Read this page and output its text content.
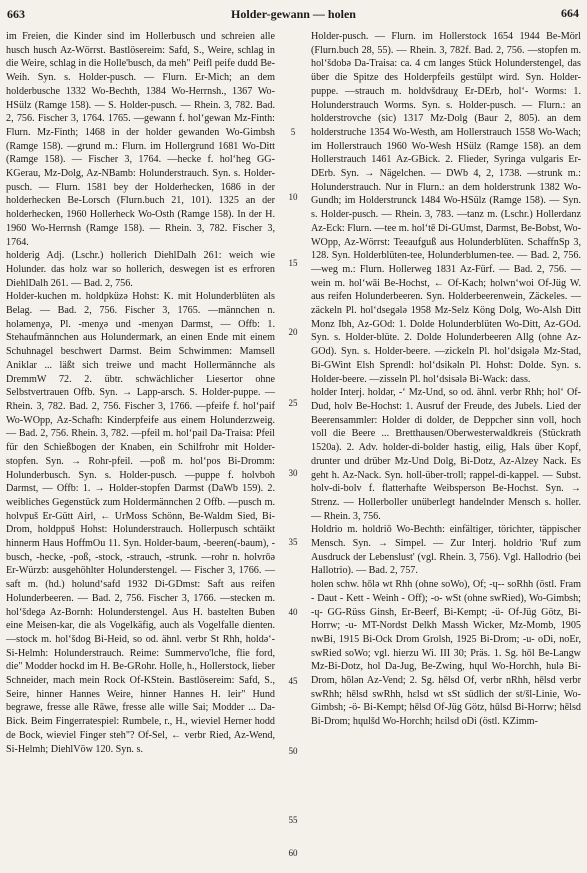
663	Holder-gewann — holen	664

im Freien, die Kinder sind im Hollerbusch und schreien alle husch husch Az-Wörrst. Bastlösereim: Safd, S., Weire, schlag in die Weire, schlag in die Holle'busch, da meh" Peifl peife dudd Be-Weih. Syn. s. Holder-pusch. — Flurn. Er-Mich; an dem holderbusche 1332 Wo-Bechth, 1384 Wo-Herrnsh., 1367 Wo-HSülz (Ramge 158). — S. Holder-pusch. — Rhein. 3, 782. Bad. 2, 756. Fischer 3, 1764. 1765. —gewann f. holʻgewan Mz-Finth: Flurn. Mz-Finth; 1468 in der holder gewanden Wo-Gimbsh (Ramge 158). —grund m.: Flurn. im Hollergrund 1681 Wo-Ditt (Ramge 158). — Fischer 3, 1764. —hecke f. holʻheg GG-KGerau, Mz-Dolg, Az-NBamb: Holunderstrauch. Syn. s. Holder-pusch. — Flurn. 1581 bey der Holderhecken, 1686 in der holderhecken Be-Lorsch (Flurn.buch 21, 101). 1325 an der holderhecken, 1960 Hollerheck Wo-Osth (Ramge 158). In der H. 1960 Wo-Herrnsh (Ramge 158). — Rhein. 3, 782. Fischer 3, 1764.

holderig Adj. (Lschr.) hollerich DiehlDalh 261: weich wie Holunder. das holz war so hollerich, deswegen ist es erfroren DiehlDalh 261. — Bad. 2, 756.

Holder-kuchen m. holdpküzə Hohst: K. mit Holunderblüten als Belag. — Bad. 2, 756. Fischer 3, 1765. —männchen n. holəmenχə, Pl. -menχə und -menχən Darmst, — Offb: 1. Stehaufmännchen aus Holundermark, an einen Ende mit einem Schuhnagel beschwert Darmst. Beim Schwimmen: Mamsell Aniklar ... läßt sich treiwe und macht Hollermännche als DremmW 72. 2. übtr. schwächlicher Liesertor ohne Selbstvertrauen Offb. Syn. → Lapp-arsch. S. Holder-puppe. — Rhein. 3, 782. Bad. 2, 756. Fischer 3, 1766. —pfeife f. holʻpaif Wo-WOpp, Az-Schafh: Kinderpfeife aus einem Holunderzweig. — Bad. 2, 756. Rhein. 3, 782. —pfeil m. holʻpail Da-Traisa: Pfeil für den Schießbogen der Knaben, ein Schilfrohr mit Holder-stopfen. Syn. → Rohr-pfeil. —poß m. holʻpos Bi-Dromm: Holunderbusch. Syn. s. Holder-pusch. —puppe f. holvboh Darmst, — Offb: 1. → Holder-stopfen Darmst (DaWb 159). 2. weibliches Gegenstück zum Holdermännchen 2 Offb. —pusch m. holvpuš Er-Gütt Airl, ← UrMoss Schönn, Be-Waldm Sied, Bi-Drom, holdppuš Hohst: Holunderstrauch. Hollerpusch schtäikt hinnerm Haus HoffmOu 11. Syn. Holder-baum, -beeren(-baum), -busch, -hecke, -poß, -stock, -strauch, -strunk. —rohr n. holvrōə Er-Würzb: ausgehöhlter Holunderstengel. — Fischer 3, 1766. —saft m. (hd.) holundʻsafd 1932 Di-GDmst: Saft aus reifen Holunderbeeren. — Bad. 2, 756. Fischer 3, 1766. —stecken m. holʻšdegə Az-Bornh: Holunderstengel. Aus H. bastelten Buben eine Meisen-kar, die als Vogelkäfig, auch als Vogelfalle dienten. —stock m. holʻšdog Bi-Heid, so od. ähnl. verbr St Rhh, holdəʻ- Si-Helmh: Holunderstrauch. Reime: Summervo'lche, flie ford, die" Modder hockd im H. Be-GRohr. Holle, h., Hollerstock, lieber Schneider, mach mein Rock Of-KStein. Bastlösereim: Safd, S., Seire, hinner Hannes Weire, hinner Hannes H. leir" Hund begrawe, fresse alle Rāwe, fresse alle wille Sai; Modder ... Da-Bick. Beim Fingerratespiel: Rumbele, r., H., wieviel Herner hodd de Bock, wieviel Finger steh"? Of-Sel, ← verbr Ried, Az-Wend, Si-Helmh; DiehlVöw 120. Syn. s.

5
10
15
20
25
30
35
40
45
50
55
60

Holder-pusch. — Flurn. im Hollerstock 1654 1944 Be-Mörl (Flurn.buch 28, 55). — Rhein. 3, 782f. Bad. 2, 756. —stopfen m. holʻšdobə Da-Traisa: ca. 4 cm langes Stück Holunderstengel, das über die Spitze des Holderpfeils gestülpt wird. Syn. Holder-puppe. —strauch m. holdvšdrauχ Er-DErb, holʻ- Worms: 1. Holunderstrauch Worms. Syn. s. Holder-pusch. — Flurn.: an holderstrovche (sic) 1317 Mz-Dolg (Baur 2, 805). an dem holderstruche 1354 Wo-Westh, am Hollerstrauch 1558 Wo-Wach; im Hollerstrauch 1960 Wo-Wesh HSülz (Ramge 158). an dem Hollerstrauch 1461 Az-GBick. 2. Flieder, Syringa vulgaris Er-DErb. Syn. → Nägelchen. — DWb 4, 2, 1738. —strunk m.: Holunderstrauch. Nur in Flurn.: an dem holderstrunk 1382 Wo-Gundh; im Holderstrunck 1484 Wo-HSülz (Ramge 158). — Syn. s. Holder-pusch. — Rhein. 3, 783. —tanz m. (Lschr.) Hollerdanz Az-Eck: Flurn. —tee m. holʻtē Di-GUmst, Darmst, Be-Bobst, Wo-WOpp, Az-Wörrst: Teeaufguß aus Holunderblüten. SchaffnSp 3, 128. Syn. Holderblüten-tee, Holunderblumen-tee. — Bad. 2, 756. —weg m.: Flurn. Hollerweg 1831 Az-Fürf. — Bad. 2, 756. —wein m. holʻwāi Be-Hochst, ← Of-Kach; holwnʻwoi Of-Jüg W. aus reifen Holunderbeeren. Syn. Holderbeerenwein, Zäckeles. —zäckeln Pl. holʻdsegələ 1958 Mz-Selz Köng Dolg, Wo-Alsh Ditt Monz Ibh, Az-GOd: 1. Dolde Holunderblüten Wo-Ditt, Az-GOd. Syn. s. Holder-blüte. 2. Dolde Holunderbeeren Allg (ohne Az-GOd). Syn. s. Holder-beere. —zickeln Pl. holʻdsigələ Mz-Stad, Bi-GWint Elsh Sprendl: holʻdsikəln Pl. Hohst: Dolde. Syn. s. Holder-beere. —zisseln Pl. holʻdsisələ Bi-Wack: dass.

holder Interj. holdər, -ʻ Mz-Und, so od. ähnl. verbr Rhh; holʻ Of-Dud, holv Be-Hochst: 1. Ausruf der Freude, des Jubels. Lied der Beerensammler: Holder di dolder, de Deppcher sinn voll, hoch voll die Beere ... Bretthausen/Oberwesterwaldkreis (Stückrath 1520a). 2. Adv. holder-di-bolder hastig, eilig, Hals über Kopf, drunter und drüber Mz-Und Dolg, Bi-Dotz, Az-Alzey Nack. Es geht h. Az-Nack. Syn. holl-über-troll; rappel-di-kappel. — Subst. holv-di-bolv f. flatterhafte Weibsperson Be-Hochst. Syn. → Strenz. — Hollerboller unüberlegt handelnder Mensch s. holler. — Rhein. 3, 756.

Holdrio m. holdriō Wo-Bechth: einfältiger, törichter, täppischer Mensch. Syn. → Simpel. — Zur Interj. holdrio 'Ruf zum Ausdruck der Lebenslust' (vgl. Rhein. 3, 756). Vgl. Hallodrio (bei Hallotrio). — Bad. 2, 757.

holen schw. hōlə wt Rhh (ohne soWo), Of; -ɥ-- soRhh (östl. Fram - Daut - Kett - Weinh - Off); -o- wSt (ohne swRied), Wo-Gimbsh; -ɥ- GG-Rüss Ginsh, Er-Beerf, Bi-Kempt; -ü- Of-Jüg Götz, Bi-Horrw; -u- MT-Nordst Delkh Massh Wicker, Mz-Momb, 1905 nwBi, 1915 Bi-Ock Drom Grolsh, 1925 Bi-Drom; -u- oDi, noEr, swRied soWo; vgl. hierzu Wi. III 30; Präs. 1. Sg. hōl Be-Langw Mz-Bi-Dotz, hol Da-Jug, Be-Zwing, hɥul Wo-Horchh, hulə Bi-Drom, hōlən Az-Vend; 2. Sg. hēlsd Of, verbr nRhh, hēlsd verbr swRhh; hēlsd swRhh, hɛlsd wt sSt südlich der st/šl-Linie, Wo-Gimbsh; -ö- Bi-Kempt; hēlsd Of-Jüg Götz, hūlsd Bi-Horrw; hēlsd Bi-Drom; hɥulšd Wo-Horchh; hɛilsd oDi (östl. KZimm-
